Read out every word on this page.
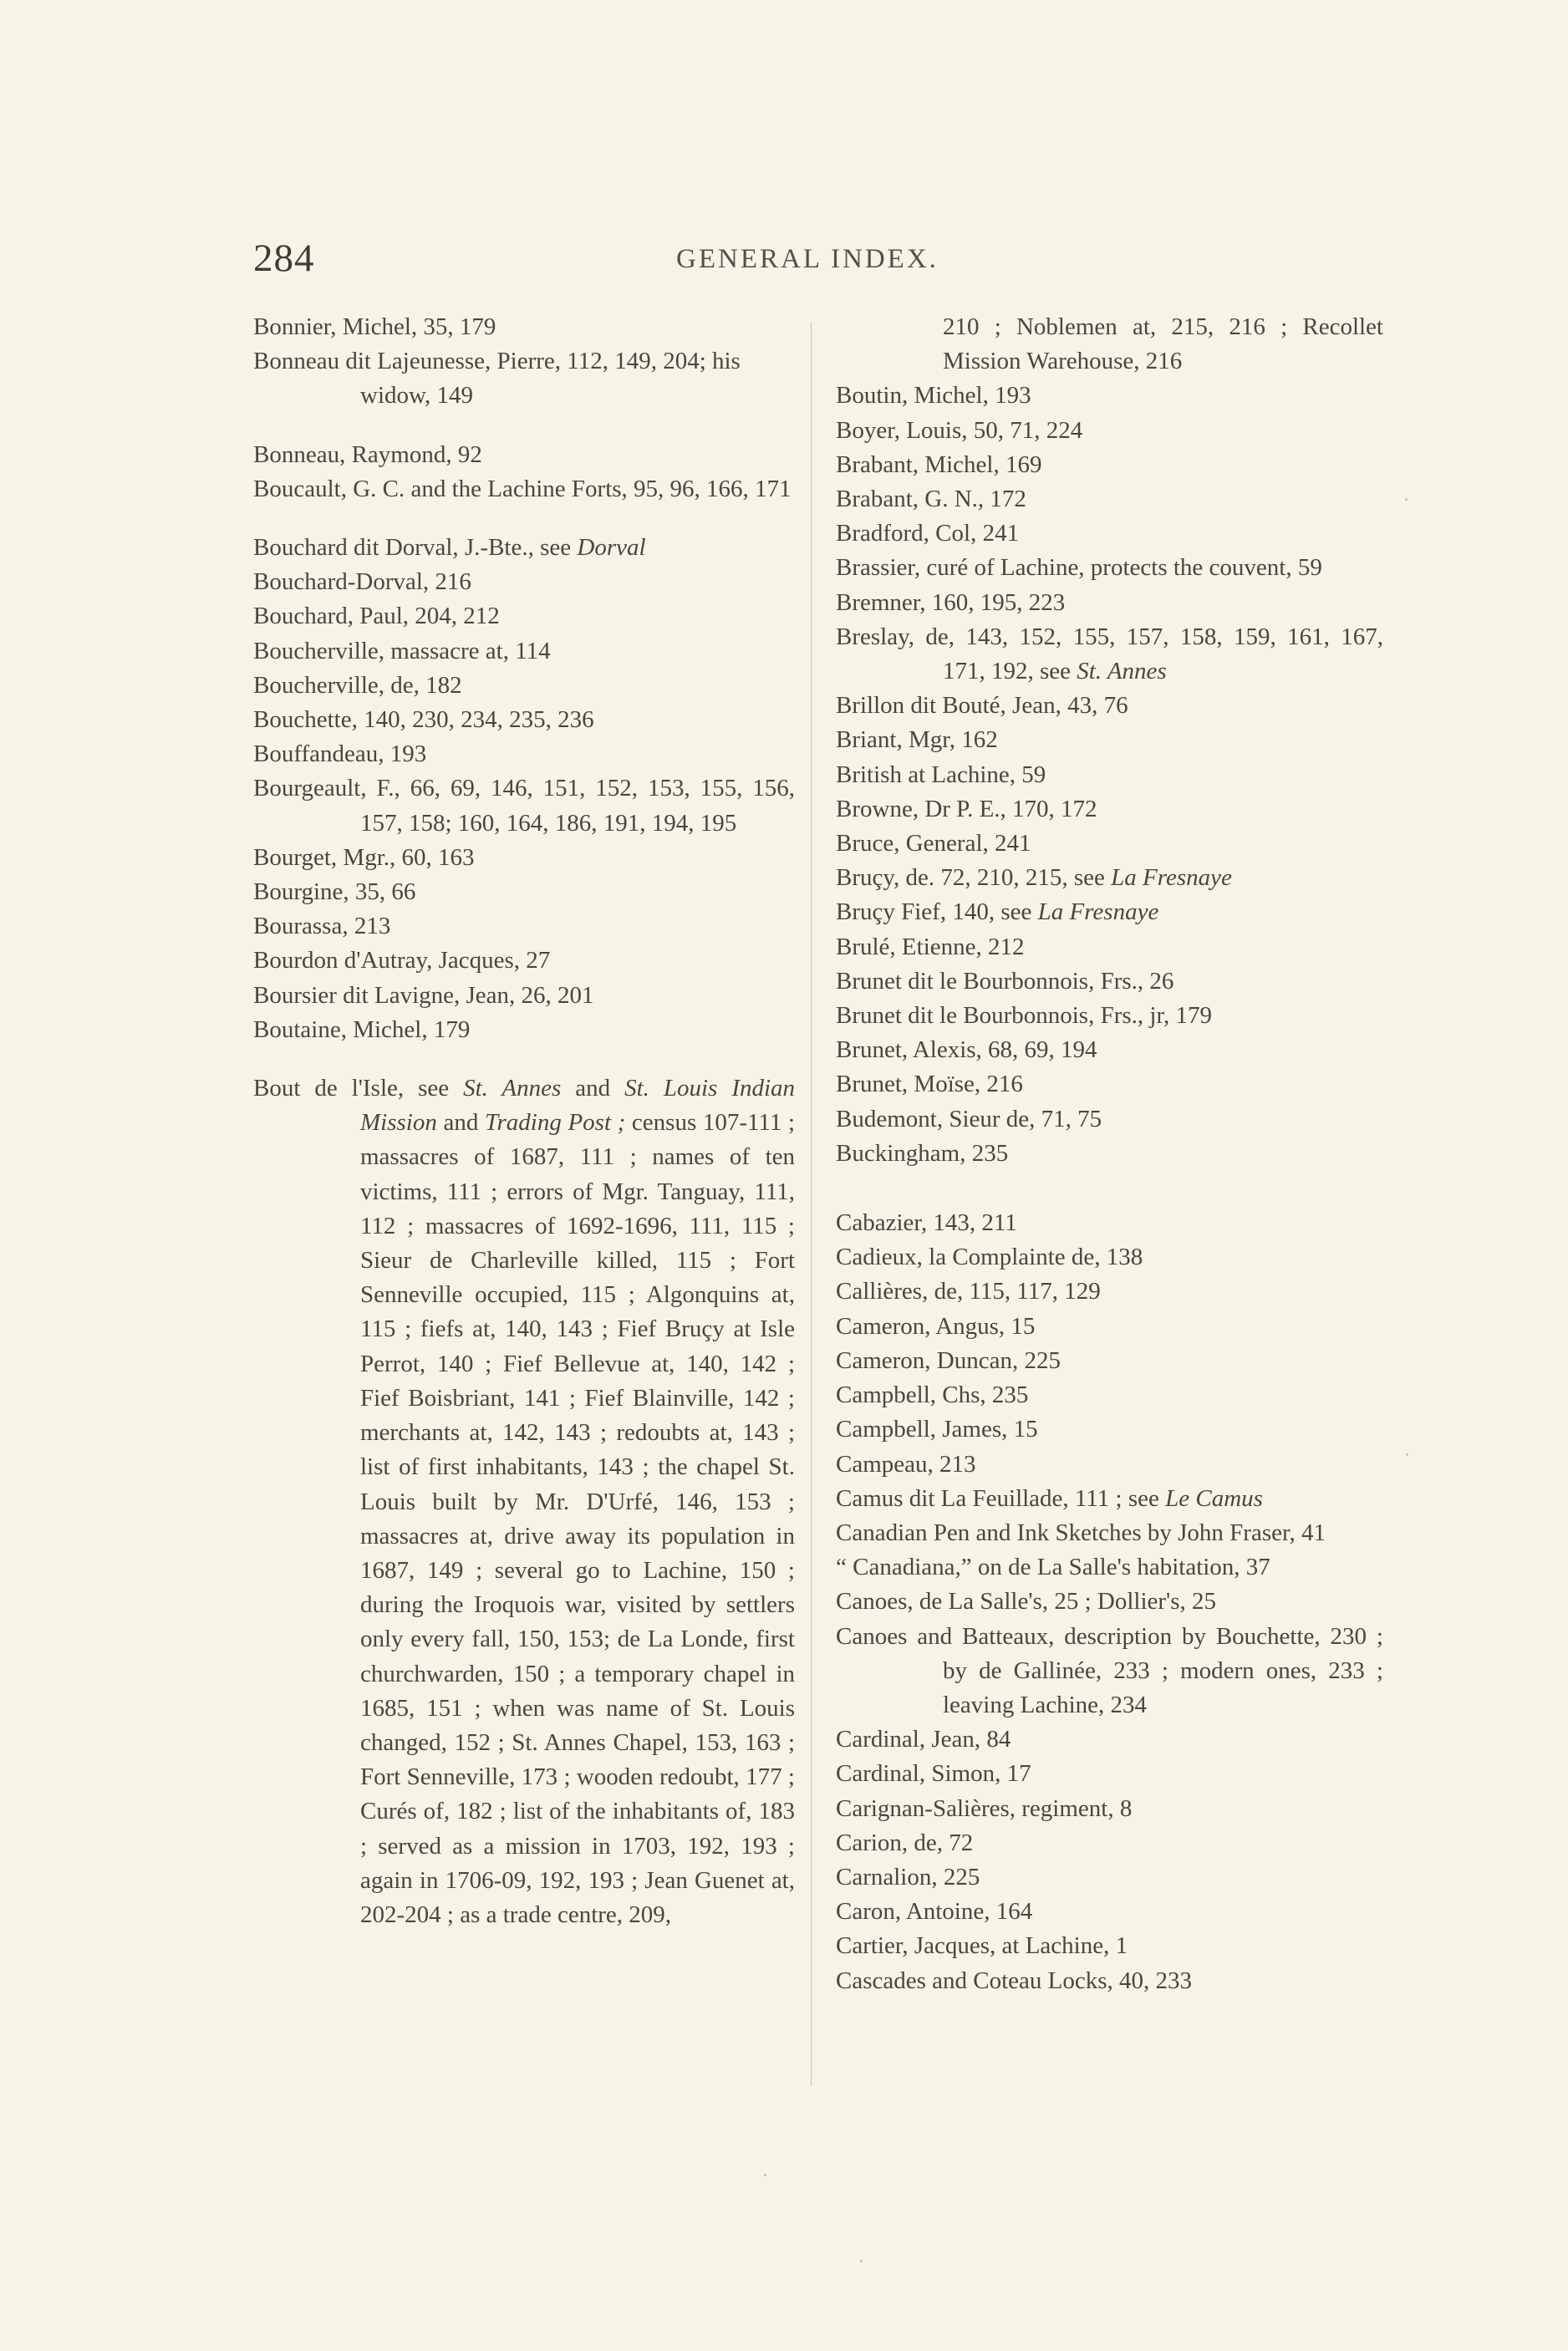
284	GENERAL INDEX.
Bonnier, Michel, 35, 179
Bonneau dit Lajeunesse, Pierre, 112, 149, 204; his widow, 149
Bonneau, Raymond, 92
Boucault, G. C. and the Lachine Forts, 95, 96, 166, 171
Bouchard dit Dorval, J.-Bte., see Dorval
Bouchard-Dorval, 216
Bouchard, Paul, 204, 212
Boucherville, massacre at, 114
Boucherville, de, 182
Bouchette, 140, 230, 234, 235, 236
Bouffandeau, 193
Bourgeault, F., 66, 69, 146, 151, 152, 153, 155, 156, 157, 158; 160, 164, 186, 191, 194, 195
Bourget, Mgr., 60, 163
Bourgine, 35, 66
Bourassa, 213
Bourdon d'Autray, Jacques, 27
Boursier dit Lavigne, Jean, 26, 201
Boutaine, Michel, 179
Bout de l'Isle, see St. Annes and St. Louis Indian Mission and Trading Post ; census 107-111 ; massacres of 1687, 111 ; names of ten victims, 111 ; errors of Mgr. Tanguay, 111, 112 ; massacres of 1692-1696, 111, 115 ; Sieur de Charleville killed, 115 ; Fort Senneville occupied, 115 ; Algonquins at, 115 ; fiefs at, 140, 143 ; Fief Bruçy at Isle Perrot, 140 ; Fief Bellevue at, 140, 142 ; Fief Boisbriant, 141 ; Fief Blainville, 142 ; merchants at, 142, 143 ; redoubts at, 143 ; list of first inhabitants, 143 ; the chapel St. Louis built by Mr. D'Urfé, 146, 153 ; massacres at, drive away its population in 1687, 149 ; several go to Lachine, 150 ; during the Iroquois war, visited by settlers only every fall, 150, 153; de La Londe, first churchwarden, 150 ; a temporary chapel in 1685, 151 ; when was name of St. Louis changed, 152 ; St. Annes Chapel, 153, 163 ; Fort Senneville, 173 ; wooden redoubt, 177 ; Curés of, 182 ; list of the inhabitants of, 183 ; served as a mission in 1703, 192, 193 ; again in 1706-09, 192, 193 ; Jean Guenet at, 202-204 ; as a trade centre, 209,
210 ; Noblemen at, 215, 216 ; Recollet Mission Warehouse, 216
Boutin, Michel, 193
Boyer, Louis, 50, 71, 224
Brabant, Michel, 169
Brabant, G. N., 172
Bradford, Col, 241
Brassier, curé of Lachine, protects the couvent, 59
Bremner, 160, 195, 223
Breslay, de, 143, 152, 155, 157, 158, 159, 161, 167, 171, 192, see St. Annes
Brillon dit Bouté, Jean, 43, 76
Briant, Mgr, 162
British at Lachine, 59
Browne, Dr P. E., 170, 172
Bruce, General, 241
Bruçy, de. 72, 210, 215, see La Fresnaye
Bruçy Fief, 140, see La Fresnaye
Brulé, Etienne, 212
Brunet dit le Bourbonnois, Frs., 26
Brunet dit le Bourbonnois, Frs., jr, 179
Brunet, Alexis, 68, 69, 194
Brunet, Moïse, 216
Budemont, Sieur de, 71, 75
Buckingham, 235
Cabazier, 143, 211
Cadieux, la Complainte de, 138
Callières, de, 115, 117, 129
Cameron, Angus, 15
Cameron, Duncan, 225
Campbell, Chs, 235
Campbell, James, 15
Campeau, 213
Camus dit La Feuillade, 111 ; see Le Camus
Canadian Pen and Ink Sketches by John Fraser, 41
“ Canadiana,” on de La Salle's habitation, 37
Canoes, de La Salle's, 25 ; Dollier's, 25
Canoes and Batteaux, description by Bouchette, 230 ; by de Gallinée, 233 ; modern ones, 233 ; leaving Lachine, 234
Cardinal, Jean, 84
Cardinal, Simon, 17
Carignan-Salières, regiment, 8
Carion, de, 72
Carnalion, 225
Caron, Antoine, 164
Cartier, Jacques, at Lachine, 1
Cascades and Coteau Locks, 40, 233
